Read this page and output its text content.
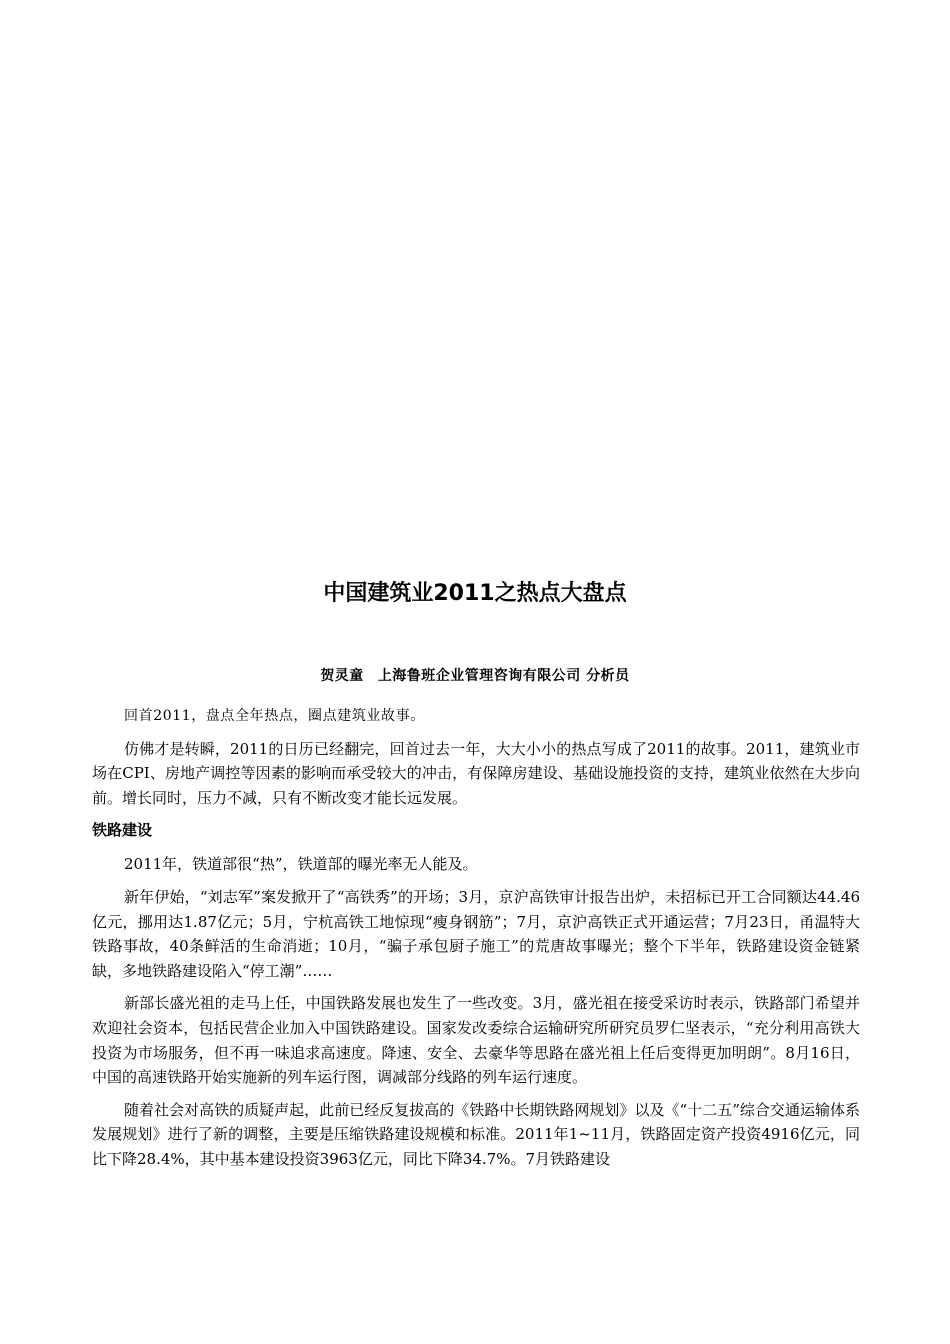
中国建筑业2011之热点大盘点

贺灵童 上海鲁班企业管理咨询有限公司 分析员

回首2011，盘点全年热点，圈点建筑业故事。

仿佛才是转瞬，2011的日历已经翻完，回首过去一年，大大小小的热点写成了2011的故事。2011，建筑业市场在CPI、房地产调控等因素的影响而承受较大的冲击，有保障房建设、基础设施投资的支持，建筑业依然在大步向前。增长同时，压力不减，只有不断改变才能长远发展。

铁路建设

2011年，铁道部很“热”，铁道部的曝光率无人能及。

新年伊始，“刘志军”案发掀开了“高铁秀”的开场；3月，京沪高铁审计报告出炉，未招标已开工合同额达44.46亿元，挪用达1.87亿元；5月，宁杭高铁工地惊现“瘦身钢筋”；7月，京沪高铁正式开通运营；7月23日，甬温特大铁路事故，40条鲜活的生命消逝；10月，“骗子承包厨子施工”的荒唐故事曝光；整个下半年，铁路建设资金链紧缺，多地铁路建设陷入“停工潮”……

新部长盛光祖的走马上任，中国铁路发展也发生了一些改变。3月，盛光祖在接受采访时表示，铁路部门希望并欢迎社会资本，包括民营企业加入中国铁路建设。国家发改委综合运输研究所研究员罗仁坚表示，“充分利用高铁大投资为市场服务，但不再一味追求高速度。降速、安全、去豪华等思路在盛光祖上任后变得更加明朗”。8月16日，中国的高速铁路开始实施新的列车运行图，调减部分线路的列车运行速度。

随着社会对高铁的质疑声起，此前已经反复拔高的《铁路中长期铁路网规划》以及《“十二五”综合交通运输体系发展规划》进行了新的调整，主要是压缩铁路建设规模和标准。2011年1~11月，铁路固定资产投资4916亿元，同比下降28.4%，其中基本建设投资3963亿元，同比下降34.7%。7月铁路建设
